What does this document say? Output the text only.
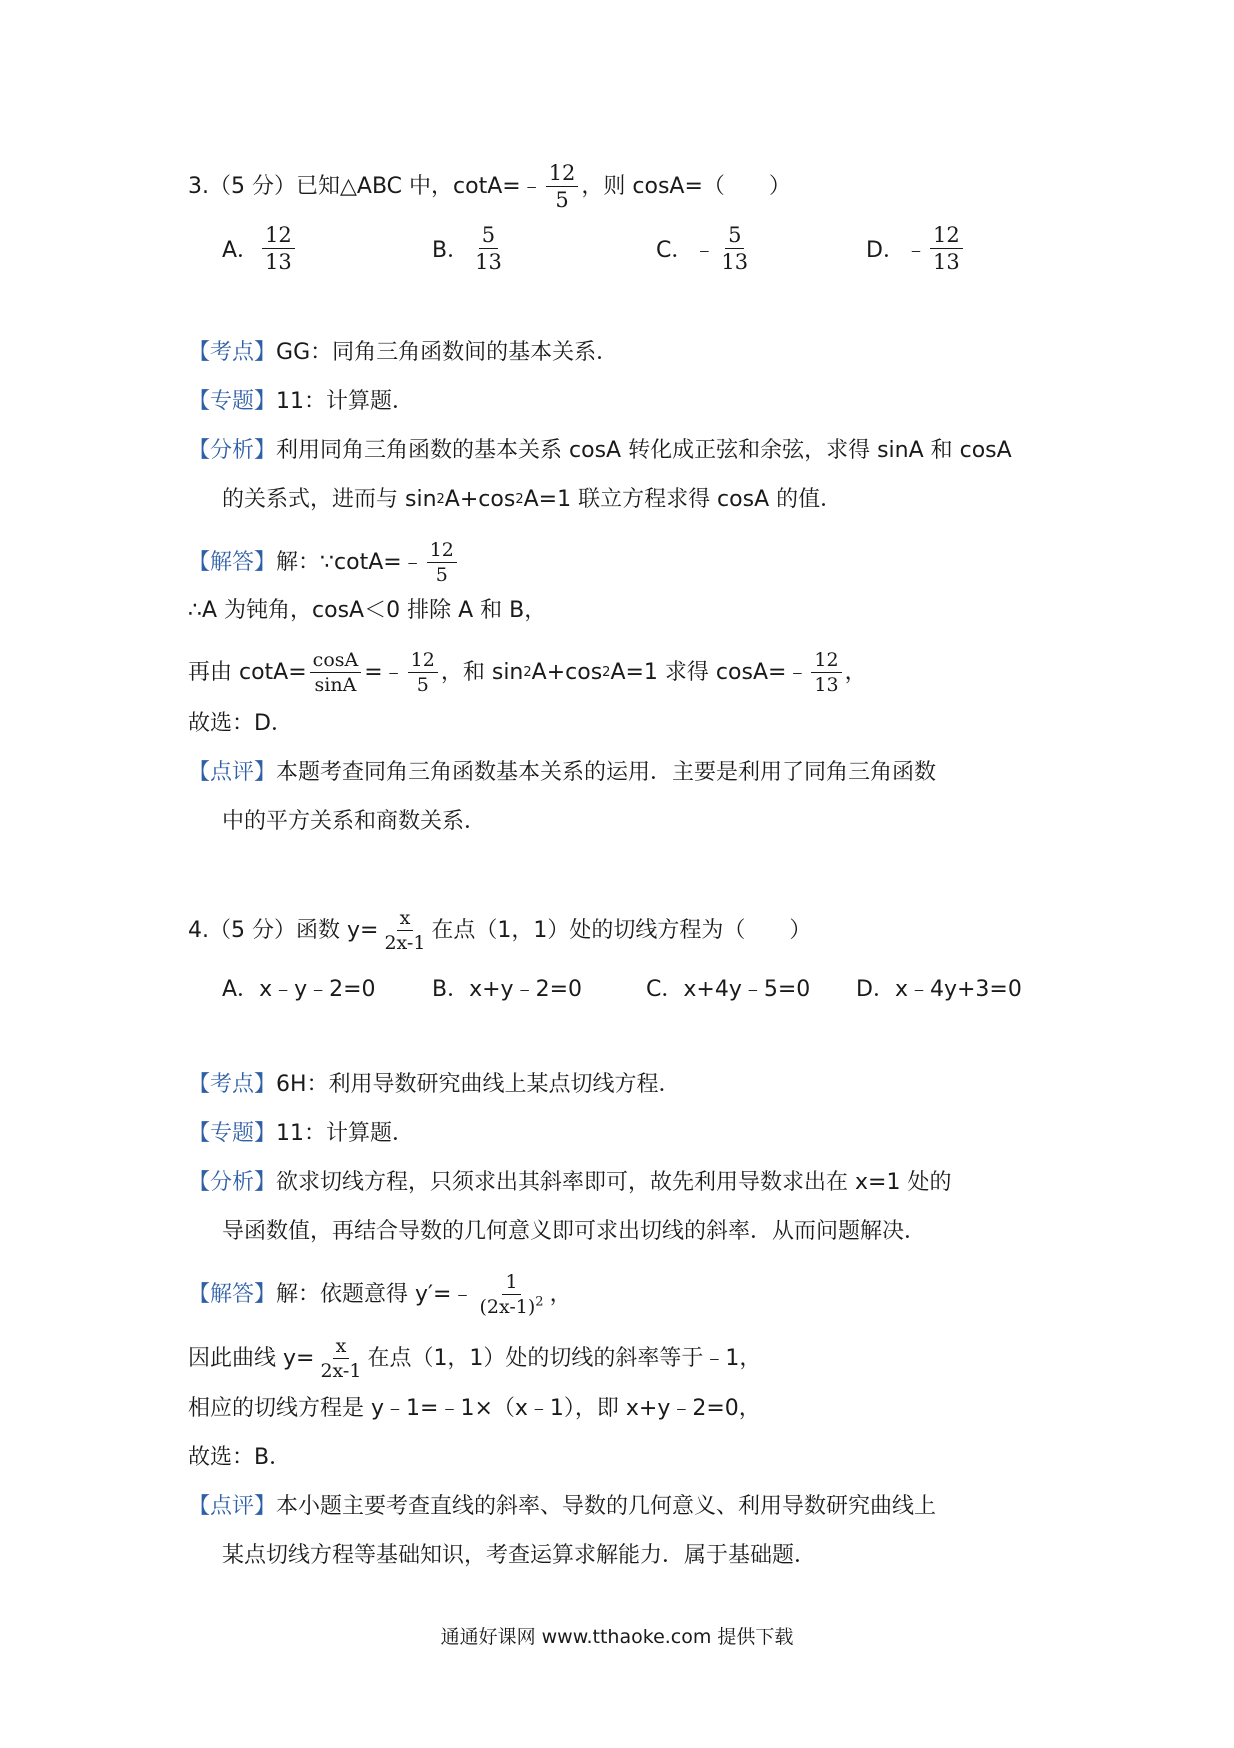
3.（5 分）已知△ABC 中，cotA=﹣ $\frac{12}{5}$ ，则 cosA=（　　）
A． $\frac{12}{13}$	B． $\frac{5}{13}$	C． ﹣ $\frac{5}{13}$	D． ﹣ $\frac{12}{13}$
【考点】 GG：同角三角函数间的基本关系．
【专题】 11：计算题．
【分析】 利用同角三角函数的基本关系 cosA 转化成正弦和余弦，求得 sinA 和 cosA
的关系式，进而与 sin 2 A+cos 2 A=1 联立方程求得 cosA 的值．
【解答】 解：∵cotA=﹣ $\frac{12}{5}$
∴A 为钝角，cosA＜0 排除 A 和 B，
再由 $\cot A= \frac{\cos A}{\sin A}$ =﹣ $\frac{12}{5}$ ，和 sin 2 A+cos 2 A=1 求得 cosA=﹣ $\frac{12}{13}$ ，
故选：D．
【点评】 本题考查同角三角函数基本关系的运用．主要是利用了同角三角函数
中的平方关系和商数关系．
4.（5 分）函数 $y= \frac{x}{2x-1}$ 在点（1，1）处的切线方程为（　　）
A． x﹣y﹣2=0	B． x+y﹣2=0	C． x+4y﹣5=0 D． x﹣4y+3=0
【考点】 6H：利用导数研究曲线上某点切线方程．
【专题】 11：计算题．
【分析】 欲求切线方程，只须求出其斜率即可，故先利用导数求出在 x=1 处的
导函数值，再结合导数的几何意义即可求出切线的斜率．从而问题解决．
【解答】 解：依题意得 y′=﹣ $\frac{1}{(2x-1)^2}$ ，
因此曲线 $y= \frac{x}{2x-1}$ 在点（1，1）处的切线的斜率等于﹣1，
相应的切线方程是 y﹣1=﹣1×（x﹣1），即 x+y﹣2=0，
故选：B．
【点评】 本小题主要考查直线的斜率、导数的几何意义、利用导数研究曲线上
某点切线方程等基础知识，考查运算求解能力．属于基础题．
通通好课网 www.tthaoke.com 提供下载
